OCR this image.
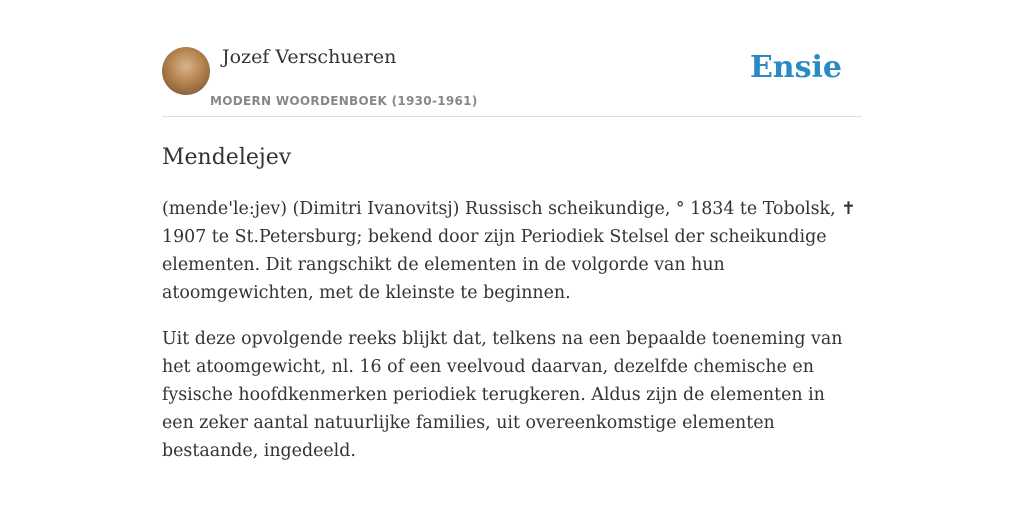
Jozef Verschueren
MODERN WOORDENBOEK (1930-1961)
Ensie
Mendelejev

(mende'le:jev) (Dimitri Ivanovitsj) Russisch scheikundige, ° 1834 te Tobolsk, ✝ 1907 te St.Petersburg; bekend door zijn Periodiek Stelsel der scheikundige elementen. Dit rangschikt de elementen in de volgorde van hun atoomgewichten, met de kleinste te beginnen.

Uit deze opvolgende reeks blijkt dat, telkens na een bepaalde toeneming van het atoomgewicht, nl. 16 of een veelvoud daarvan, dezelfde chemische en fysische hoofdkenmerken periodiek terugkeren. Aldus zijn de elementen in een zeker aantal natuurlijke families, uit overeenkomstige elementen bestaande, ingedeeld.
